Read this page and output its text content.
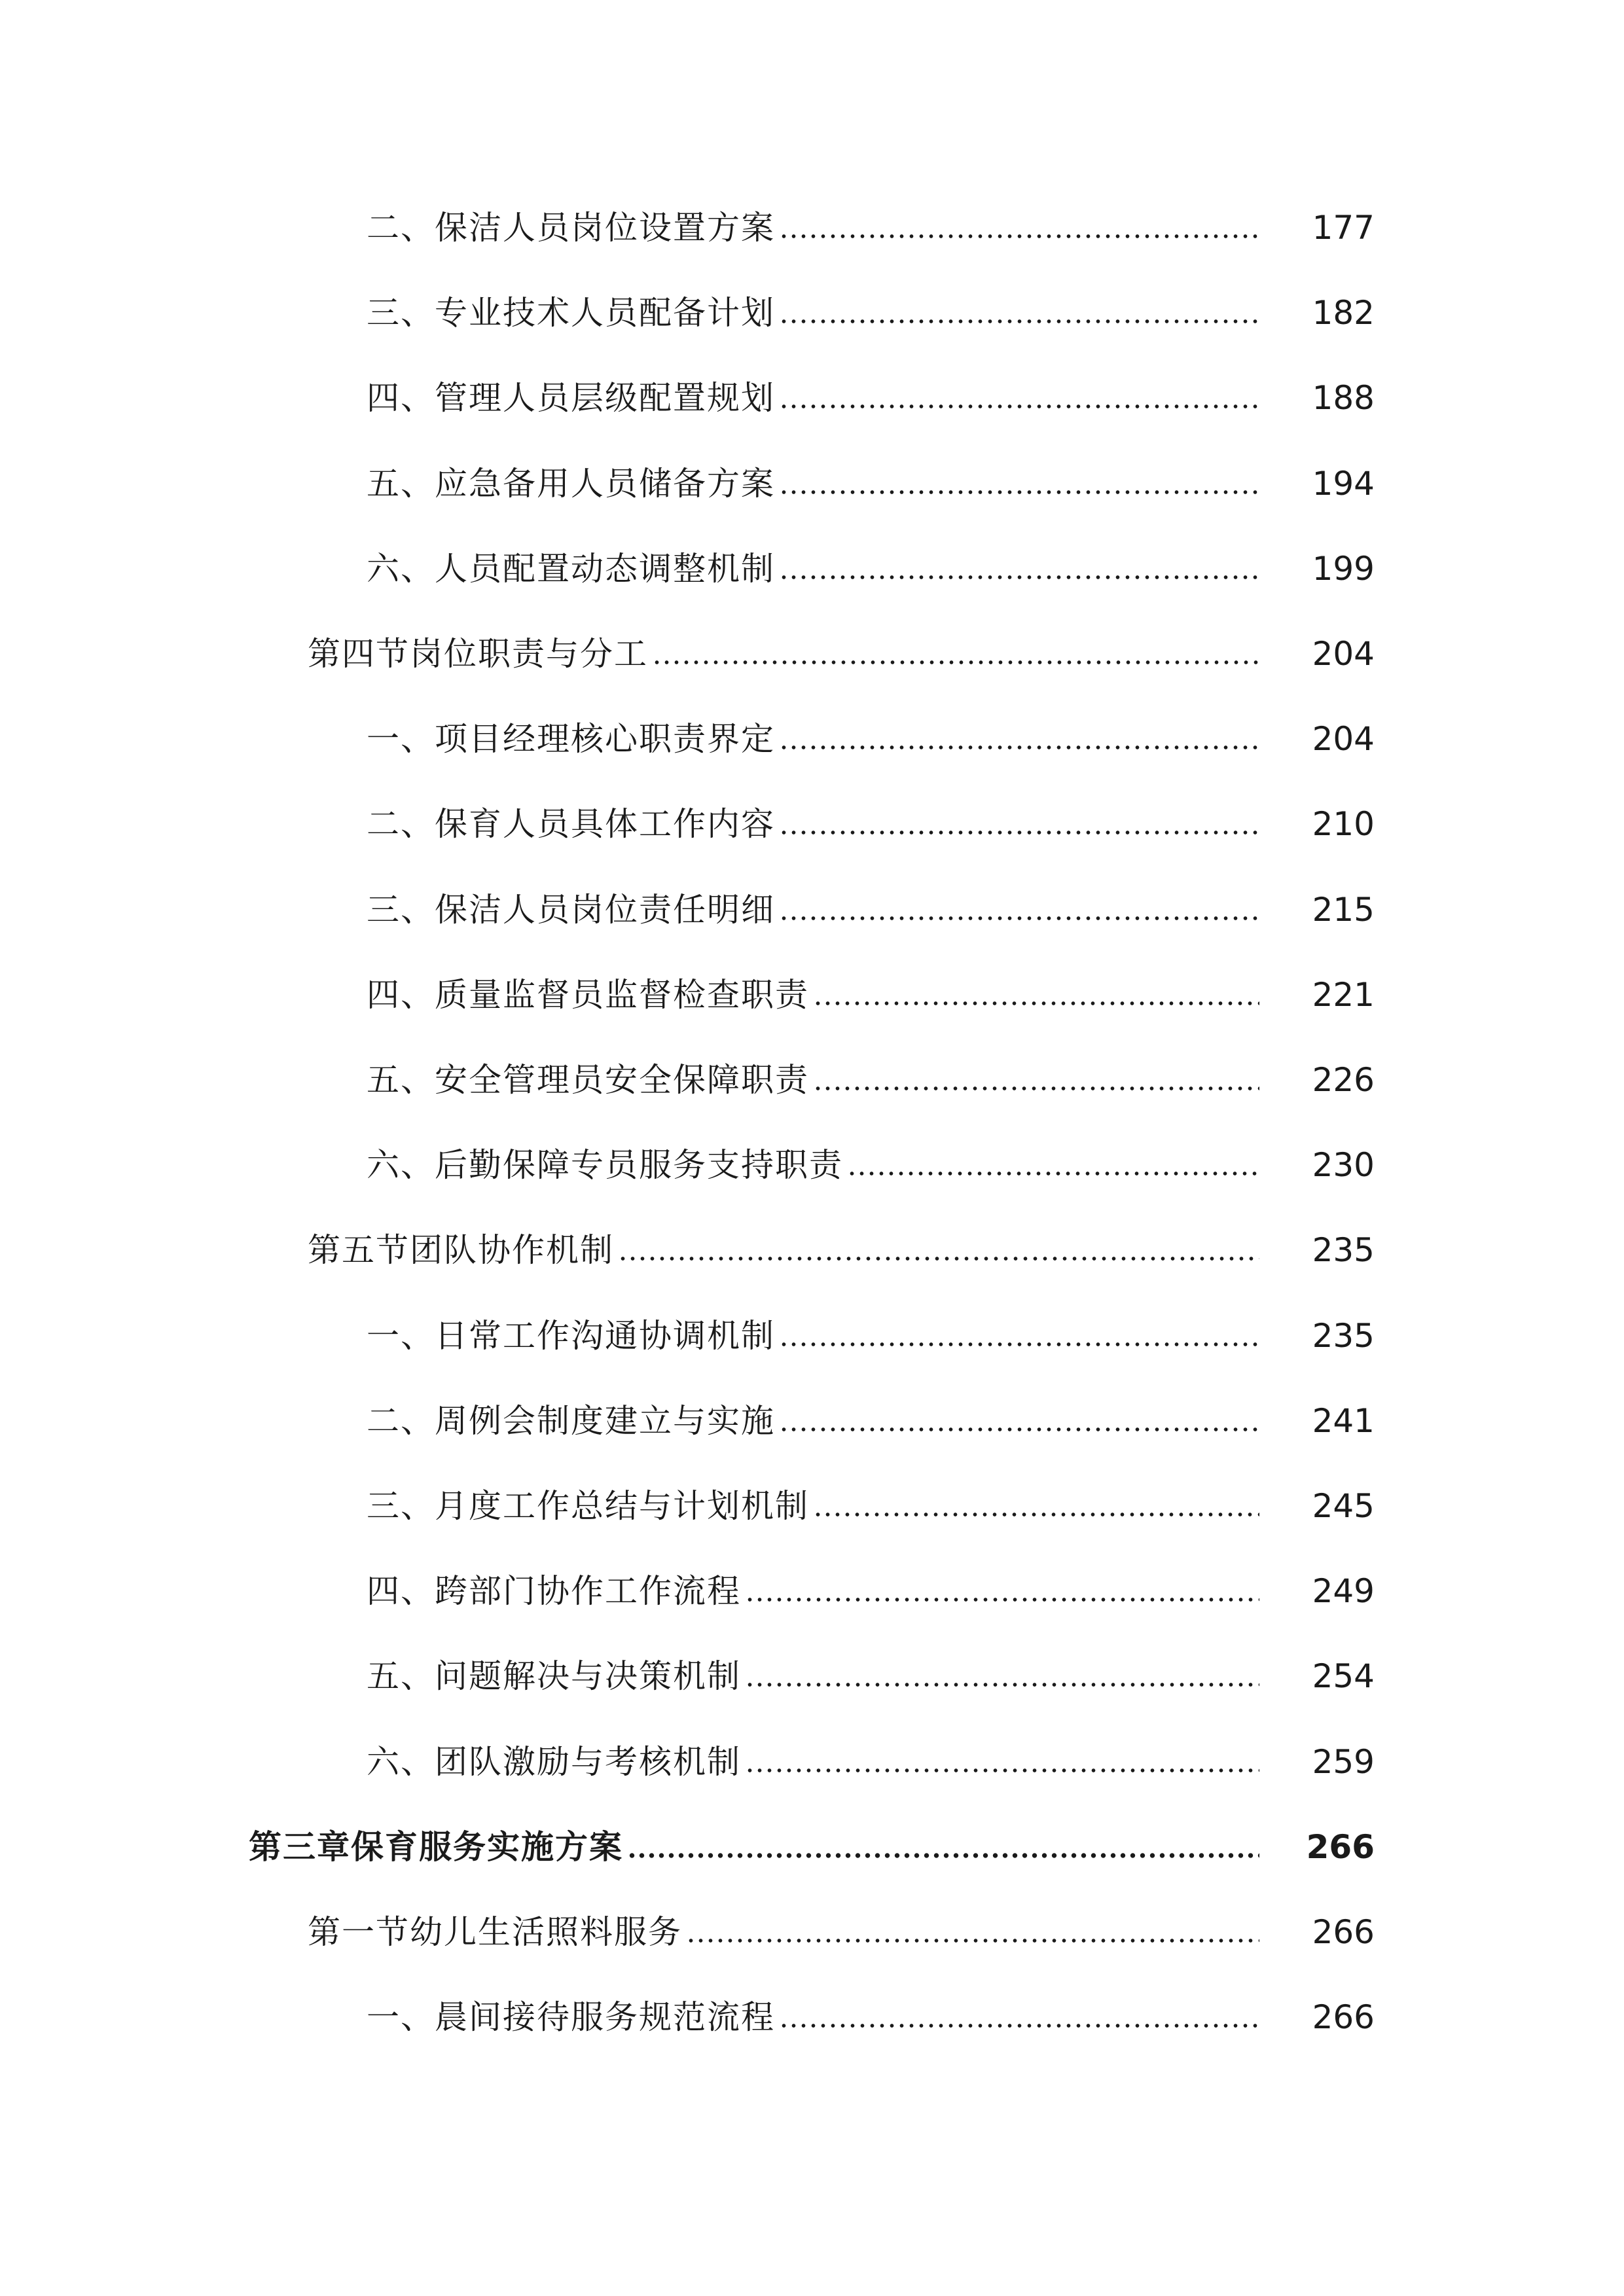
二、保洁人员岗位设置方案	177
三、专业技术人员配备计划	182
四、管理人员层级配置规划	188
五、应急备用人员储备方案	194
六、人员配置动态调整机制	199
第四节岗位职责与分工	204
一、项目经理核心职责界定	204
二、保育人员具体工作内容	210
三、保洁人员岗位责任明细	215
四、质量监督员监督检查职责	221
五、安全管理员安全保障职责	226
六、后勤保障专员服务支持职责	230
第五节团队协作机制	235
一、日常工作沟通协调机制	235
二、周例会制度建立与实施	241
三、月度工作总结与计划机制	245
四、跨部门协作工作流程	249
五、问题解决与决策机制	254
六、团队激励与考核机制	259
第三章保育服务实施方案	266
第一节幼儿生活照料服务	266
一、晨间接待服务规范流程	266
